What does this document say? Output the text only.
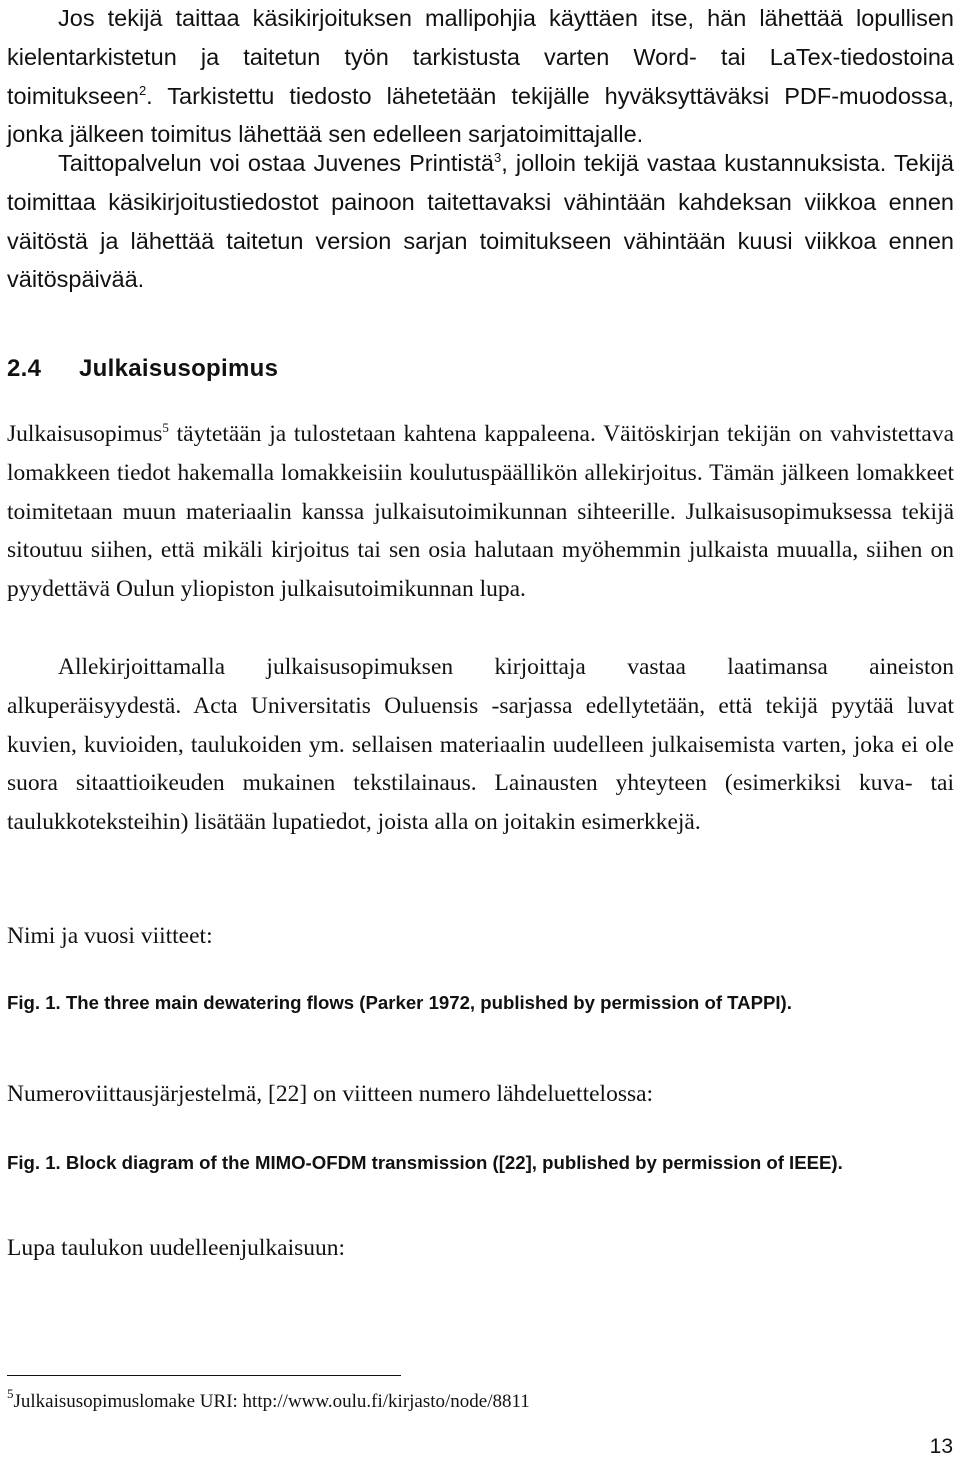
Jos tekijä taittaa käsikirjoituksen mallipohjia käyttäen itse, hän lähettää lopullisen kielentarkistetun ja taitetun työn tarkistusta varten Word- tai LaTex-tiedostoina toimitukseen$^2$. Tarkistettu tiedosto lähetetään tekijälle hyväksyttäväksi PDF-muodossa, jonka jälkeen toimitus lähettää sen edelleen sarjatoimittajalle.

Taittopalvelun voi ostaa Juvenes Printistä$^3$, jolloin tekijä vastaa kustannuksista. Tekijä toimittaa käsikirjoitustiedostot painoon taitettavaksi vähintään kahdeksan viikkoa ennen väitöstä ja lähettää taitetun version sarjan toimitukseen vähintään kuusi viikkoa ennen väitöspäivää.

2.4 Julkaisusopimus

Julkaisusopimus$^5$ täytetään ja tulostetaan kahtena kappaleena. Väitöskirjan tekijän on vahvistettava lomakkeen tiedot hakemalla lomakkeisiin koulutuspäällikön allekirjoitus. Tämän jälkeen lomakkeet toimitetaan muun materiaalin kanssa julkaisutoimikunnan sihteerille. Julkaisusopimuksessa tekijä sitoutuu siihen, että mikäli kirjoitus tai sen osia halutaan myöhemmin julkaista muualla, siihen on pyydettävä Oulun yliopiston julkaisutoimikunnan lupa.

Allekirjoittamalla julkaisusopimuksen kirjoittaja vastaa laatimansa aineiston alkuperäisyydestä. Acta Universitatis Ouluensis -sarjassa edellytetään, että tekijä pyytää luvat kuvien, kuvioiden, taulukoiden ym. sellaisen materiaalin uudelleen julkaisemista varten, joka ei ole suora sitaattioikeuden mukainen tekstilainaus. Lainausten yhteyteen (esimerkiksi kuva- tai taulukkoteksteihin) lisätään lupatiedot, joista alla on joitakin esimerkkejä.

Nimi ja vuosi viitteet:

Fig. 1. The three main dewatering flows (Parker 1972, published by permission of TAPPI).

Numeroviittausjärjestelmä, [22] on viitteen numero lähdeluettelossa:

Fig. 1. Block diagram of the MIMO-OFDM transmission ([22], published by permission of IEEE).

Lupa taulukon uudelleenjulkaisuun:

$^5$Julkaisusopimuslomake URI: http://www.oulu.fi/kirjasto/node/8811

13
